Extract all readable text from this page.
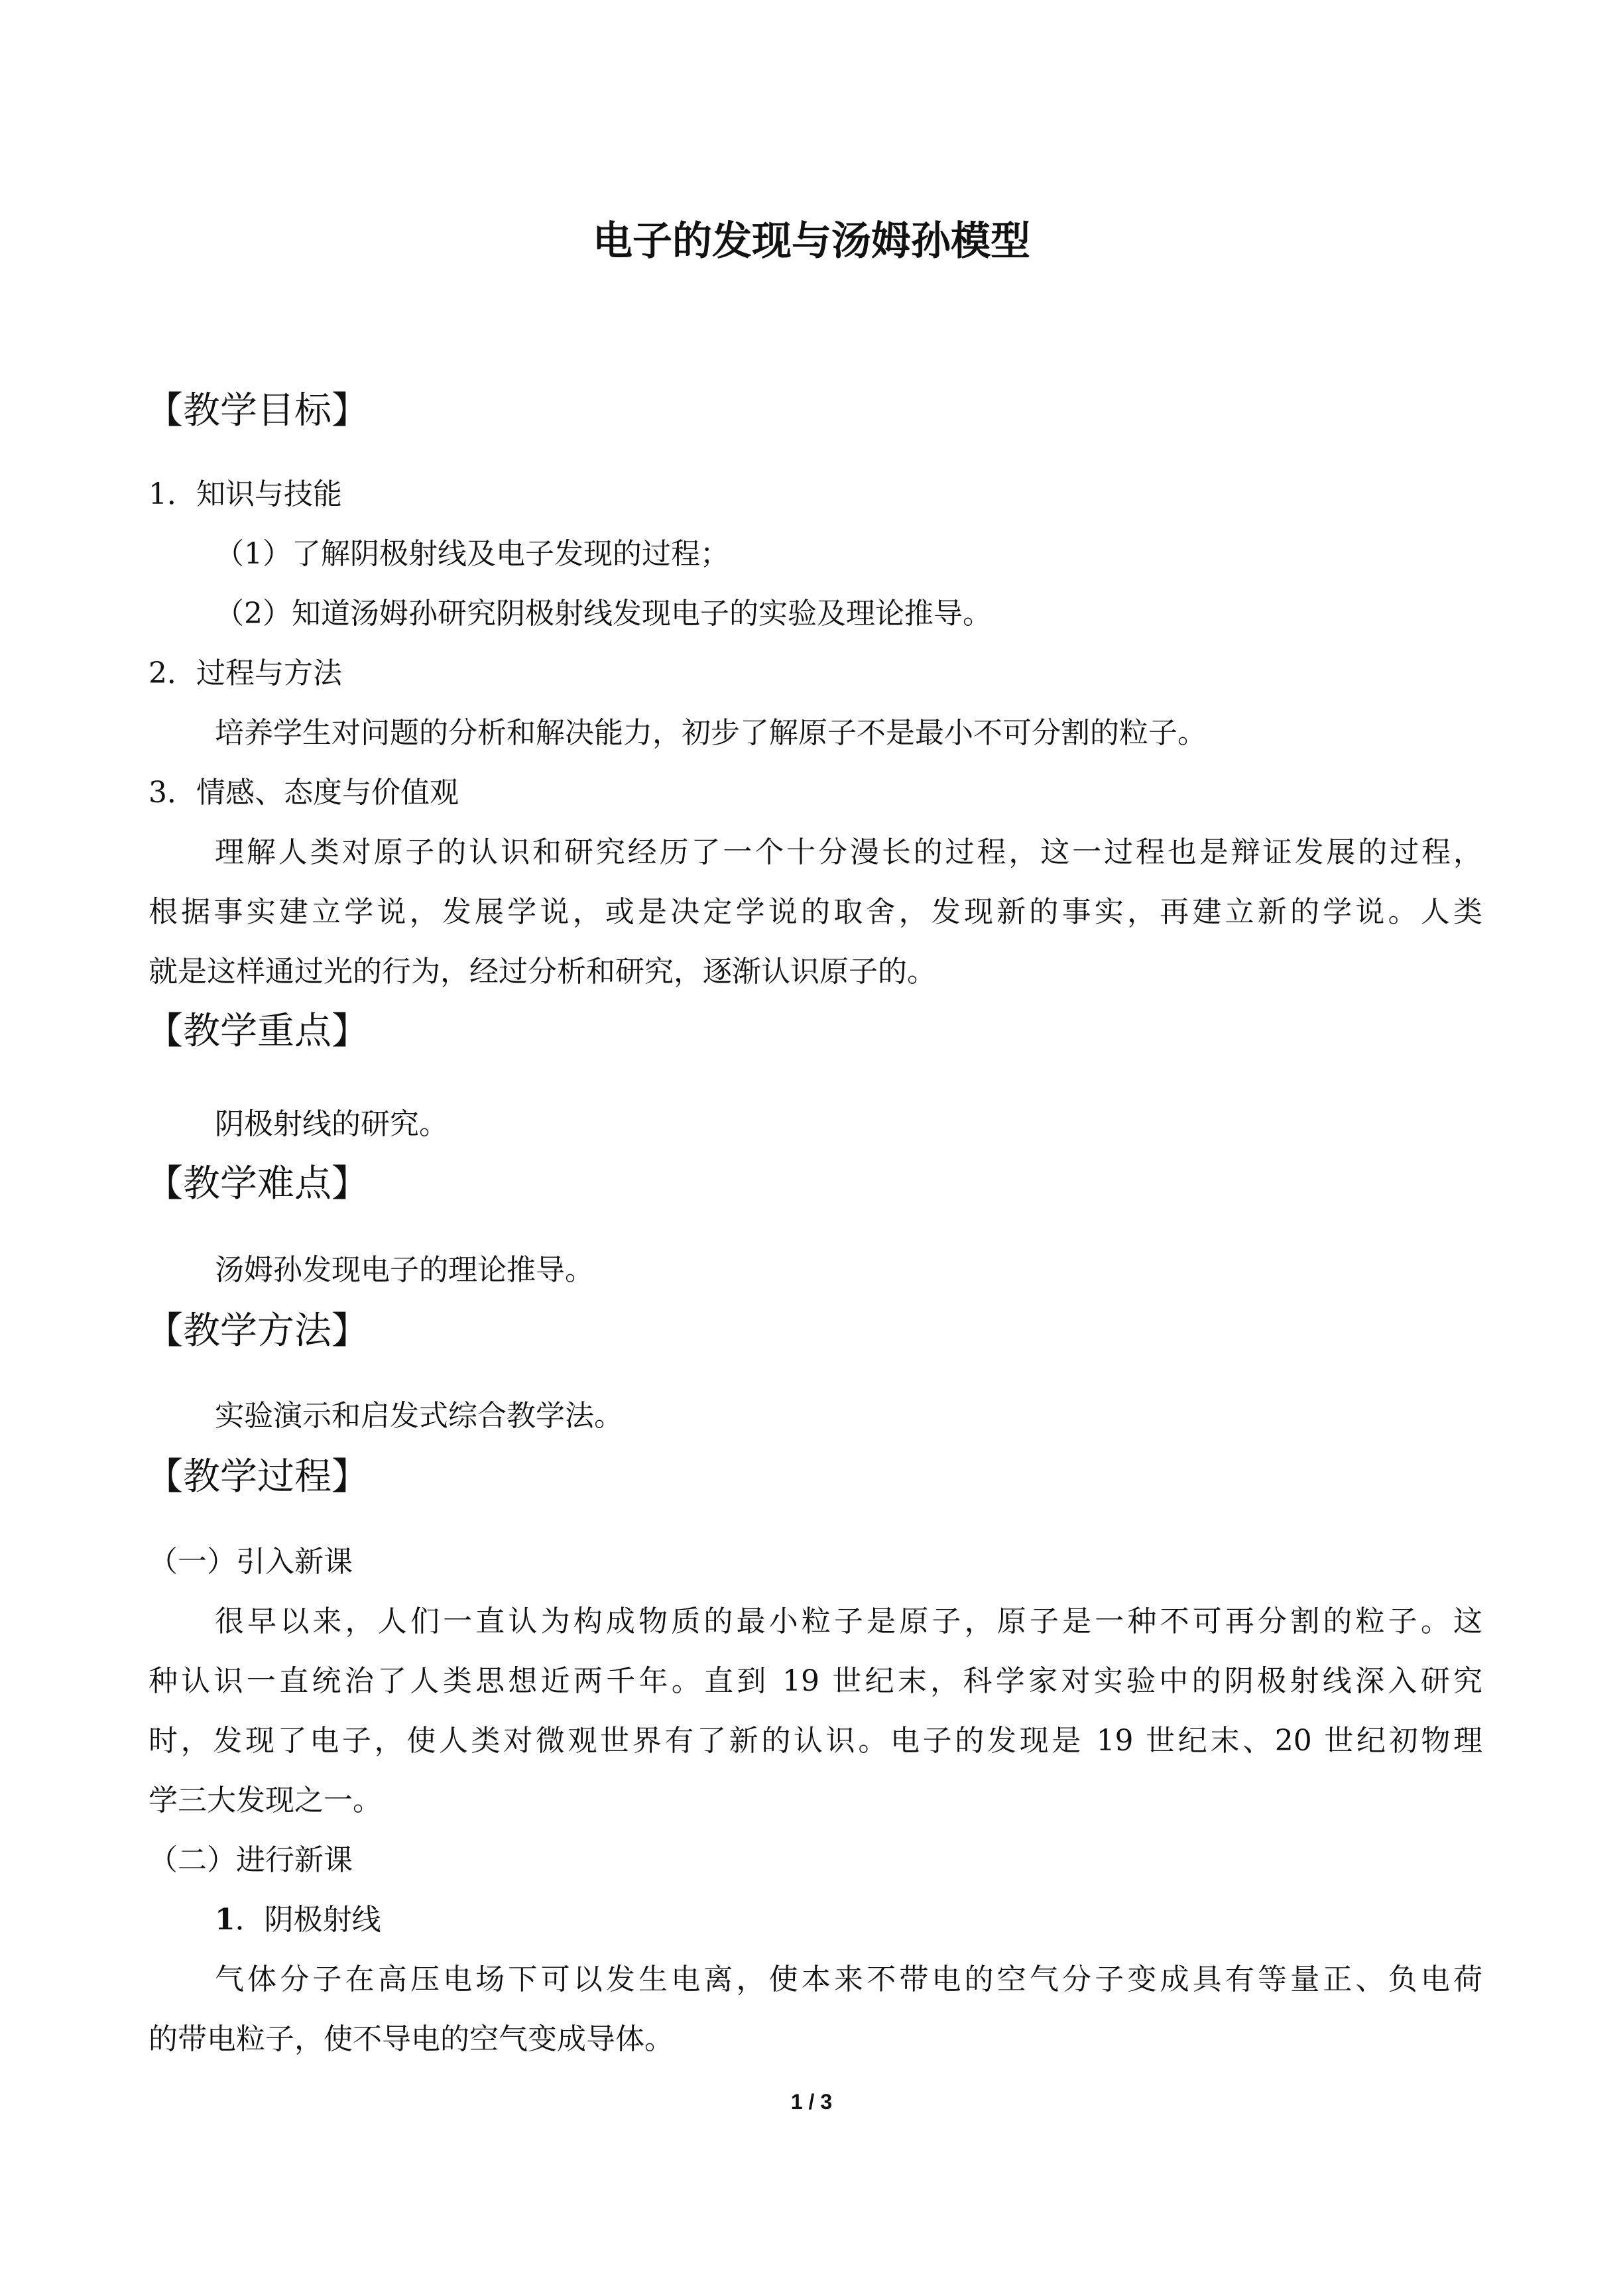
电子的发现与汤姆孙模型
【教学目标】
1．知识与技能
（1）了解阴极射线及电子发现的过程；
（2）知道汤姆孙研究阴极射线发现电子的实验及理论推导。
2．过程与方法
培养学生对问题的分析和解决能力，初步了解原子不是最小不可分割的粒子。
3．情感、态度与价值观
理解人类对原子的认识和研究经历了一个十分漫长的过程，这一过程也是辩证发展的过程，
根据事实建立学说，发展学说，或是决定学说的取舍，发现新的事实，再建立新的学说。人类
就是这样通过光的行为，经过分析和研究，逐渐认识原子的。
【教学重点】
阴极射线的研究。
【教学难点】
汤姆孙发现电子的理论推导。
【教学方法】
实验演示和启发式综合教学法。
【教学过程】
（一）引入新课
很早以来，人们一直认为构成物质的最小粒子是原子，原子是一种不可再分割的粒子。这
种认识一直统治了人类思想近两千年。直到 19 世纪末，科学家对实验中的阴极射线深入研究
时，发现了电子，使人类对微观世界有了新的认识。电子的发现是 19 世纪末、20 世纪初物理
学三大发现之一。
（二）进行新课
1．阴极射线
气体分子在高压电场下可以发生电离，使本来不带电的空气分子变成具有等量正、负电荷
的带电粒子，使不导电的空气变成导体。
1 / 3
